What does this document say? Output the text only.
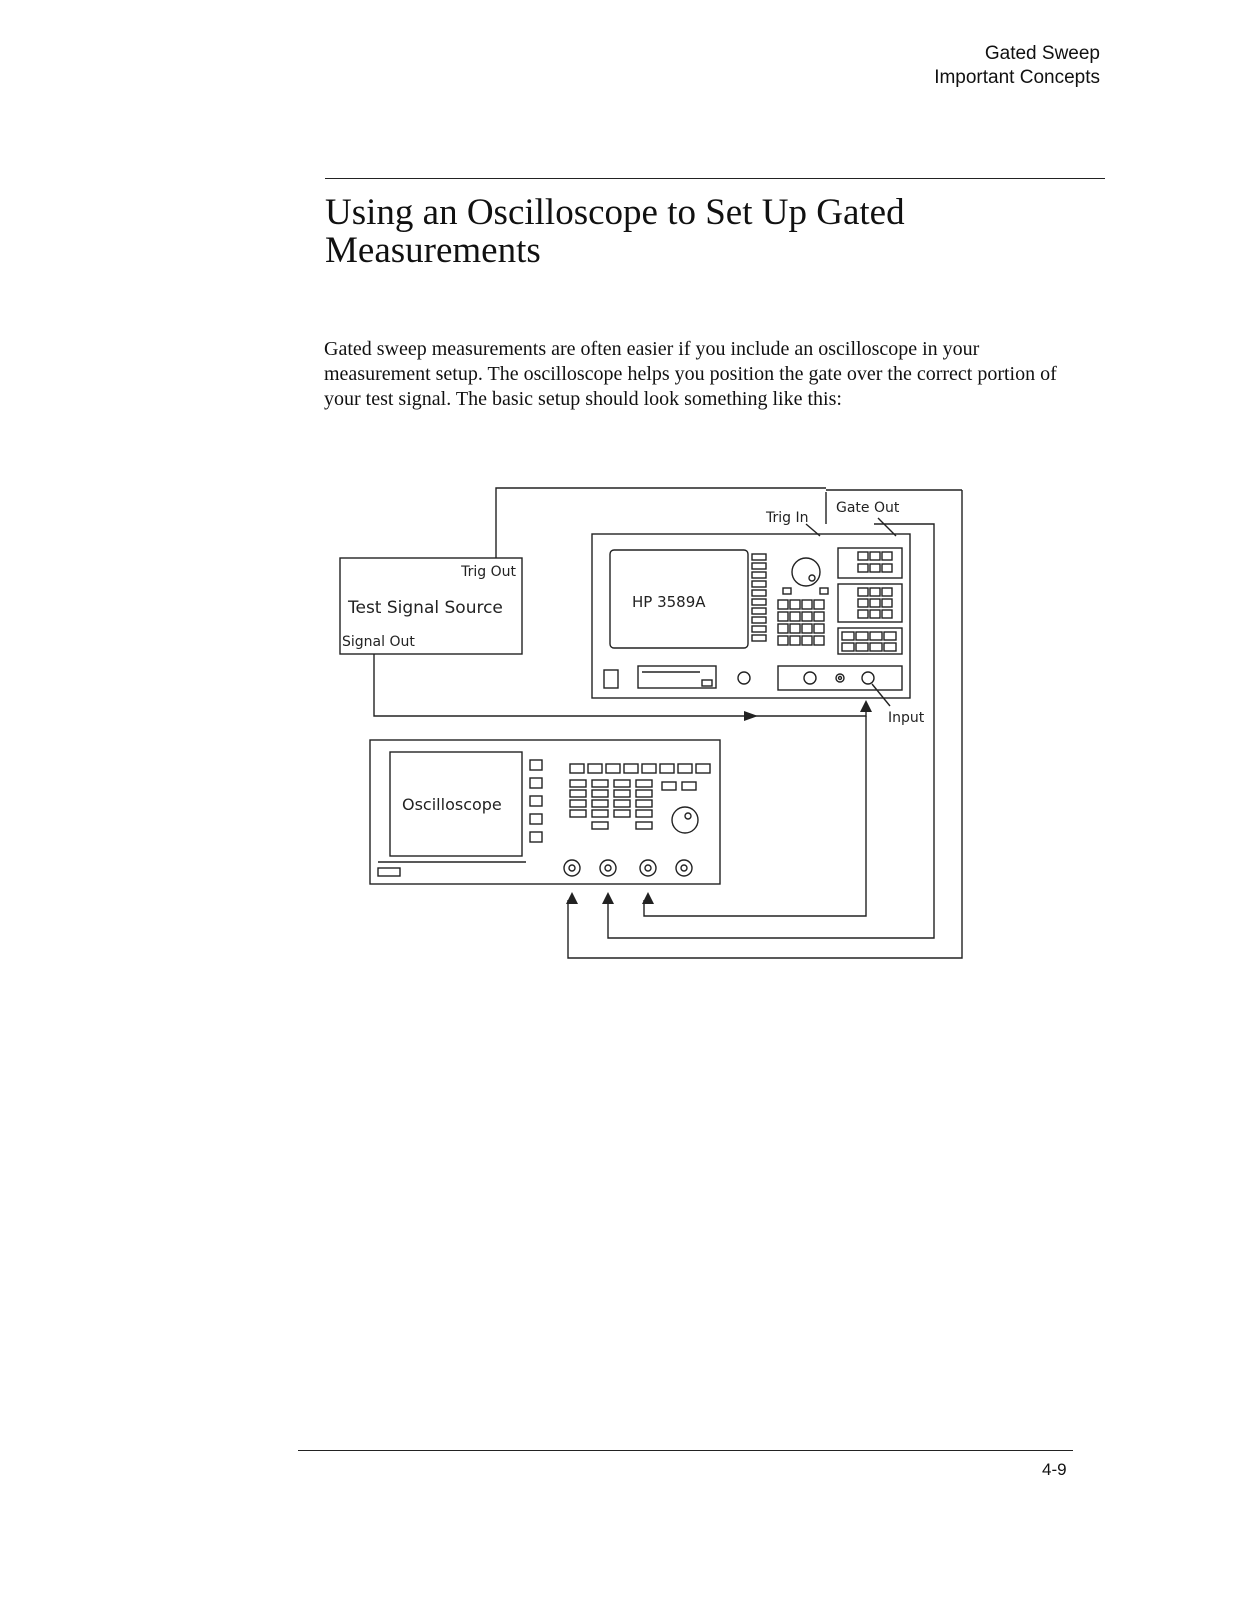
Gated Sweep
Important Concepts
Using an Oscilloscope to Set Up Gated
Measurements

Gated sweep measurements are often easier if you include an oscilloscope in your measurement setup. The oscilloscope helps you position the gate over the correct portion of your test signal. The basic setup should look something like this:

Trig Out
Test Signal Source
Signal Out
HP 3589A
Trig In
Gate Out
Input
Oscilloscope
4-9
